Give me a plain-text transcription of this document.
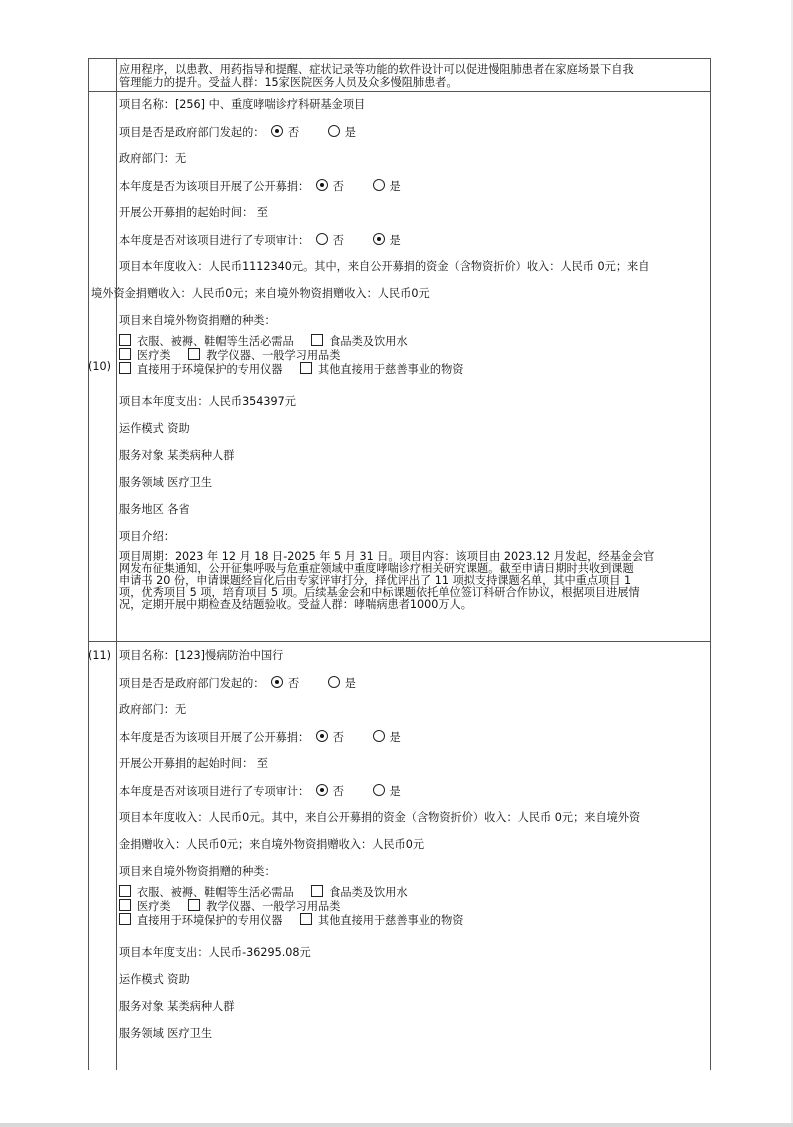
应用程序，以患教、用药指导和提醒、症状记录等功能的软件设计可以促进慢阻肺患者在家庭场景下自我
管理能力的提升。受益人群：15家医院医务人员及众多慢阻肺患者。
(10)
项目名称：[256] 中、重度哮喘诊疗科研基金项目
项目是否是政府部门发起的： 否	是
政府部门：无
本年度是否为该项目开展了公开募捐： 否	是
开展公开募捐的起始时间： 至
本年度是否对该项目进行了专项审计： 否	是
项目本年度收入：人民币1112340元。其中，来自公开募捐的资金（含物资折价）收入：人民币 0元；来自
境外资金捐赠收入：人民币0元；来自境外物资捐赠收入：人民币0元
项目来自境外物资捐赠的种类：
衣服、被褥、鞋帽等生活必需品	食品类及饮用水
医疗类	教学仪器、一般学习用品类
直接用于环境保护的专用仪器	其他直接用于慈善事业的物资
项目本年度支出：人民币354397元
运作模式 资助
服务对象 某类病种人群
服务领域 医疗卫生
服务地区 各省
项目介绍：
项目周期：2023 年 12 月 18 日-2025 年 5 月 31 日。项目内容：该项目由 2023.12 月发起，经基金会官
网发布征集通知，公开征集呼吸与危重症领域中重度哮喘诊疗相关研究课题。截至申请日期时共收到课题
申请书 20 份，申请课题经盲化后由专家评审打分，择优评出了 11 项拟支持课题名单，其中重点项目 1
项，优秀项目 5 项，培育项目 5 项。后续基金会和中标课题依托单位签订科研合作协议，根据项目进展情
况，定期开展中期检查及结题验收。受益人群：哮喘病患者1000万人。
(11) 项目名称：[123]慢病防治中国行
项目是否是政府部门发起的： 否	是
政府部门：无
本年度是否为该项目开展了公开募捐： 否	是
开展公开募捐的起始时间： 至
本年度是否对该项目进行了专项审计： 否	是
项目本年度收入：人民币0元。其中，来自公开募捐的资金（含物资折价）收入：人民币 0元；来自境外资
金捐赠收入：人民币0元；来自境外物资捐赠收入：人民币0元
项目来自境外物资捐赠的种类：
衣服、被褥、鞋帽等生活必需品	食品类及饮用水
医疗类	教学仪器、一般学习用品类
直接用于环境保护的专用仪器	其他直接用于慈善事业的物资
项目本年度支出：人民币-36295.08元
运作模式 资助
服务对象 某类病种人群
服务领域 医疗卫生
